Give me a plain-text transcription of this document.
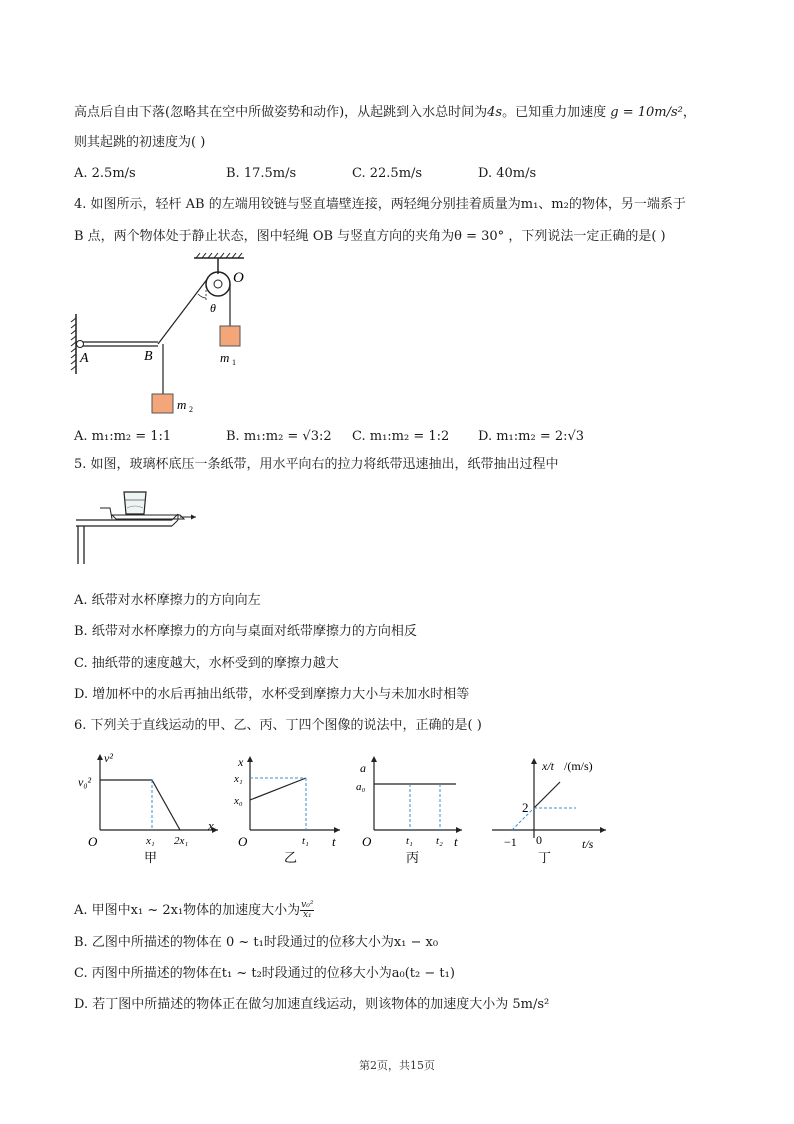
高点后自由下落(忽略其在空中所做姿势和动作)，从起跳到入水总时间为4s。已知重力加速度 g = 10m/s²，
则其起跳的初速度为( )
A. 2.5m/s	B. 17.5m/s	C. 22.5m/s	D. 40m/s
4. 如图所示，轻杆 AB 的左端用铰链与竖直墙壁连接，两轻绳分别挂着质量为m₁、m₂的物体，另一端系于
B 点，两个物体处于静止状态，图中轻绳 OB 与竖直方向的夹角为θ = 30° ，下列说法一定正确的是( )
O
θ
m 1
A	B
m 2
A. m₁:m₂ = 1:1	B. m₁:m₂ = √3:2 C. m₁:m₂ = 1:2 D. m₁:m₂ = 2:√3
5. 如图，玻璃杯底压一条纸带，用水平向右的拉力将纸带迅速抽出，纸带抽出过程中
A. 纸带对水杯摩擦力的方向向左
B. 纸带对水杯摩擦力的方向与桌面对纸带摩擦力的方向相反
C. 抽纸带的速度越大，水杯受到的摩擦力越大
D. 增加杯中的水后再抽出纸带，水杯受到摩擦力大小与未加水时相等
6. 下列关于直线运动的甲、乙、丙、丁四个图像的说法中，正确的是( )
v²
v₀²
O	x₁ 2x₁
x
甲
x
x₁
x₀
O	t₁ t
乙
a
a₀
O	t₁ t₂ t
丙
x/t /(m/s)
2
−1 0	t/s
丁
A. 甲图中x₁ ~ 2x₁物体的加速度大小为 $\frac{\text{v₀²}}{\text{x₁}}$
B. 乙图中所描述的物体在 0 ~ t₁时段通过的位移大小为x₁ − x₀
C. 丙图中所描述的物体在t₁ ~ t₂时段通过的位移大小为a₀(t₂ − t₁)
D. 若丁图中所描述的物体正在做匀加速直线运动，则该物体的加速度大小为 5m/s²
第2页，共15页
